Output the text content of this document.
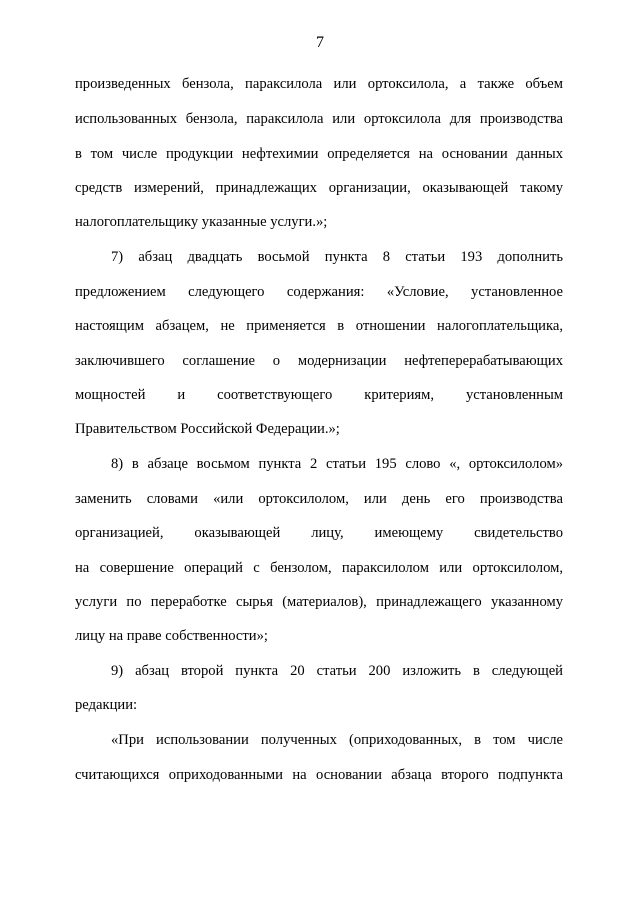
7
произведенных бензола, параксилола или ортоксилола, а также объем
использованных бензола, параксилола или ортоксилола для производства
в том числе продукции нефтехимии определяется на основании данных
средств измерений, принадлежащих организации, оказывающей такому
налогоплательщику указанные услуги.»;
7) абзац двадцать восьмой пункта 8 статьи 193 дополнить
предложением следующего содержания: «Условие, установленное
настоящим абзацем, не применяется в отношении налогоплательщика,
заключившего соглашение о модернизации нефтеперерабатывающих
мощностей и соответствующего критериям, установленным
Правительством Российской Федерации.»;
8) в абзаце восьмом пункта 2 статьи 195 слово «, ортоксилолом»
заменить словами «или ортоксилолом, или день его производства
организацией, оказывающей лицу, имеющему свидетельство
на совершение операций с бензолом, параксилолом или ортоксилолом,
услуги по переработке сырья (материалов), принадлежащего указанному
лицу на праве собственности»;
9) абзац второй пункта 20 статьи 200 изложить в следующей
редакции:
«При использовании полученных (оприходованных, в том числе
считающихся оприходованными на основании абзаца второго подпункта
